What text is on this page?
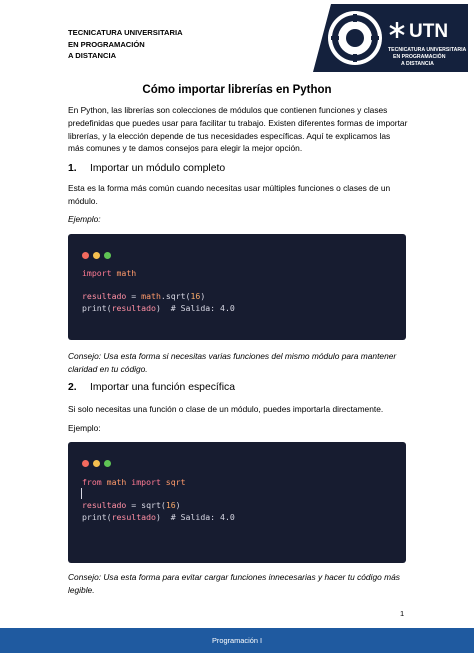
TECNICATURA UNIVERSITARIA
EN PROGRAMACIÓN
A DISTANCIA
UTN
TECNICATURA UNIVERSITARIA
EN PROGRAMACIÓN
A DISTANCIA
Cómo importar librerías en Python
En Python, las librerías son colecciones de módulos que contienen funciones y clases predefinidas que puedes usar para facilitar tu trabajo. Existen diferentes formas de importar librerías, y la elección depende de tus necesidades específicas. Aquí te explicamos las más comunes y te damos consejos para elegir la mejor opción.
1. Importar un módulo completo
Esta es la forma más común cuando necesitas usar múltiples funciones o clases de un módulo.
Ejemplo:
import math
resultado = math.sqrt(16)
print(resultado)  # Salida: 4.0
Consejo: Usa esta forma si necesitas varias funciones del mismo módulo para mantener claridad en tu código.
2. Importar una función específica
Si solo necesitas una función o clase de un módulo, puedes importarla directamente.
Ejemplo:
from math import sqrt
resultado = sqrt(16)
print(resultado)  # Salida: 4.0
Consejo: Usa esta forma para evitar cargar funciones innecesarias y hacer tu código más legible.
1
Programación I
